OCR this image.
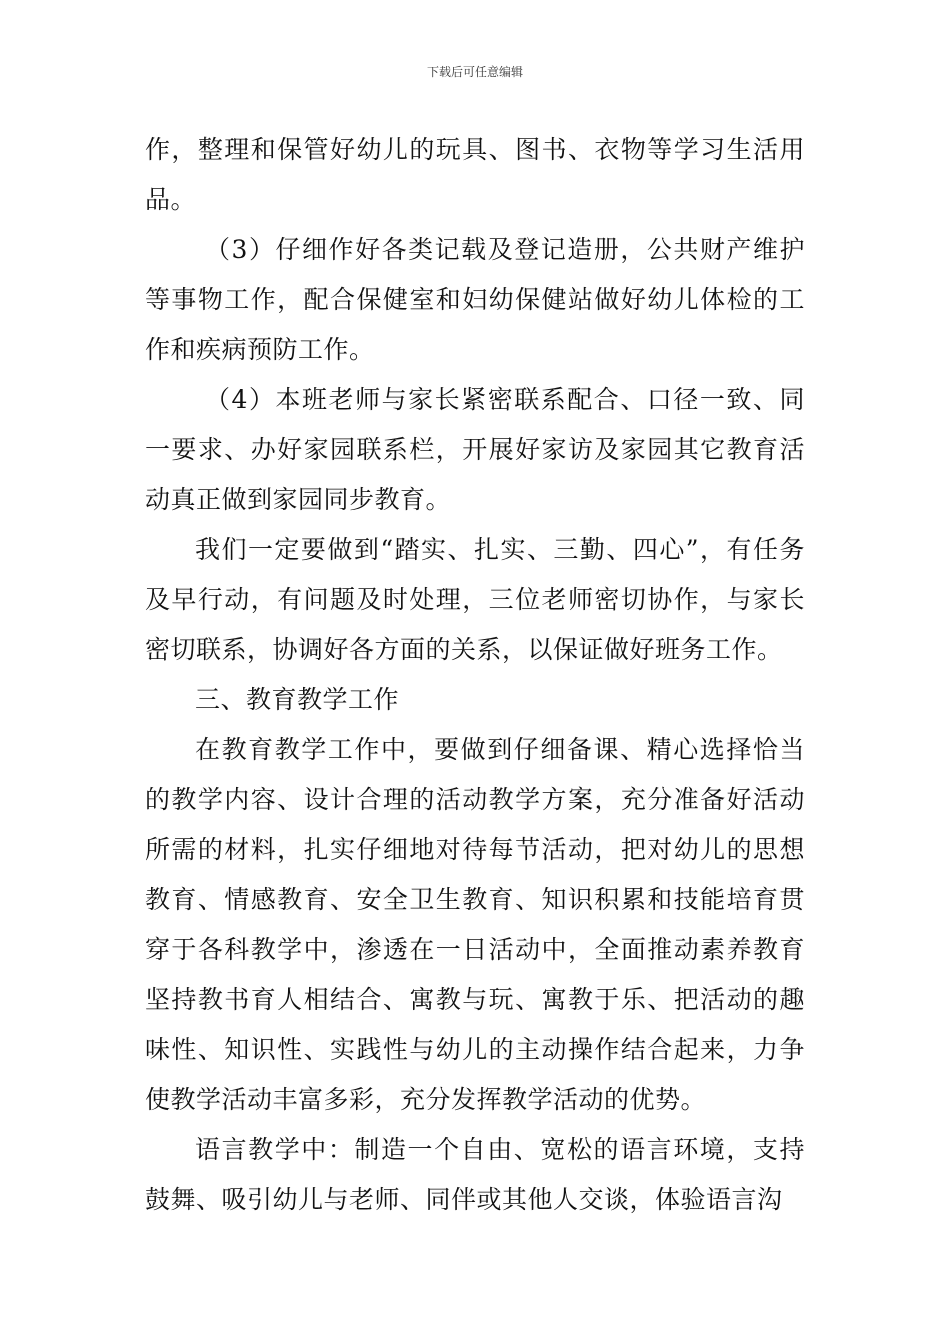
下载后可任意编辑

作，整理和保管好幼儿的玩具、图书、衣物等学习生活用品。

（3）仔细作好各类记载及登记造册，公共财产维护等事物工作，配合保健室和妇幼保健站做好幼儿体检的工作和疾病预防工作。

（4）本班老师与家长紧密联系配合、口径一致、同一要求、办好家园联系栏，开展好家访及家园其它教育活动真正做到家园同步教育。

我们一定要做到“踏实、扎实、三勤、四心”，有任务及早行动，有问题及时处理，三位老师密切协作，与家长密切联系，协调好各方面的关系，以保证做好班务工作。

三、教育教学工作

在教育教学工作中，要做到仔细备课、精心选择恰当的教学内容、设计合理的活动教学方案，充分准备好活动所需的材料，扎实仔细地对待每节活动，把对幼儿的思想教育、情感教育、安全卫生教育、知识积累和技能培育贯穿于各科教学中，渗透在一日活动中，全面推动素养教育坚持教书育人相结合、寓教与玩、寓教于乐、把活动的趣味性、知识性、实践性与幼儿的主动操作结合起来，力争使教学活动丰富多彩，充分发挥教学活动的优势。

语言教学中：制造一个自由、宽松的语言环境，支持鼓舞、吸引幼儿与老师、同伴或其他人交谈，体验语言沟
